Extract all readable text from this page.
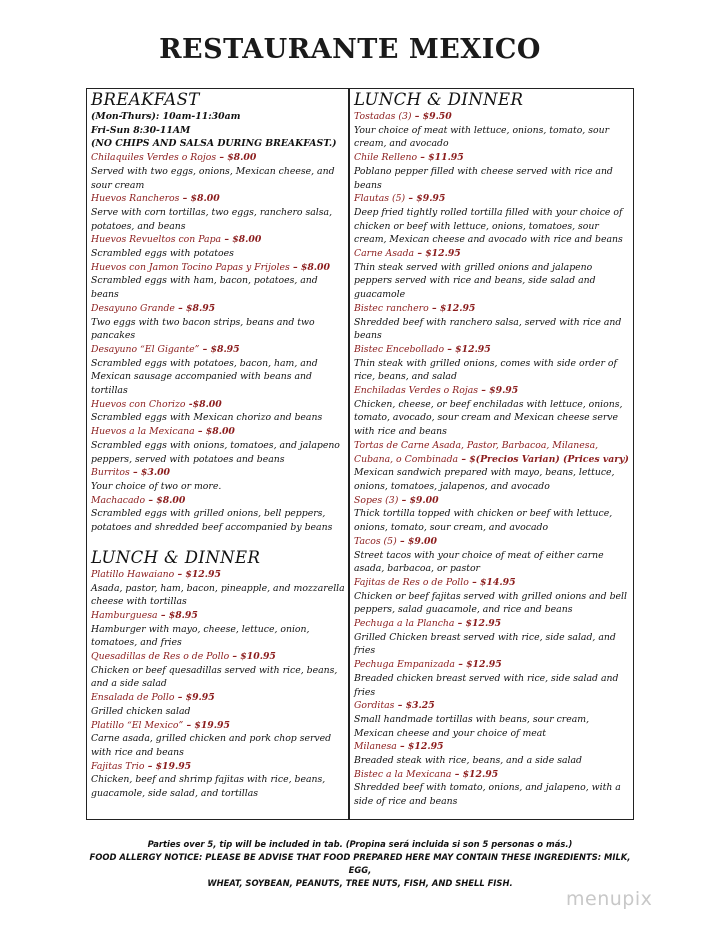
RESTAURANTE MEXICO
BREAKFAST
(Mon-Thurs): 10am-11:30am
Fri-Sun 8:30-11AM
(NO CHIPS AND SALSA DURING BREAKFAST.)
Chilaquiles Verdes o Rojos – $8.00
Served with two eggs, onions, Mexican cheese, and sour cream
Huevos Rancheros – $8.00
Serve with corn tortillas, two eggs, ranchero salsa, potatoes, and beans
Huevos Revueltos con Papa – $8.00
Scrambled eggs with potatoes
Huevos con Jamon Tocino Papas y Frijoles – $8.00
Scrambled eggs with ham, bacon, potatoes, and beans
Desayuno Grande – $8.95
Two eggs with two bacon strips, beans and two pancakes
Desayuno “El Gigante” – $8.95
Scrambled eggs with potatoes, bacon, ham, and Mexican sausage accompanied with beans and tortillas
Huevos con Chorizo -$8.00
Scrambled eggs with Mexican chorizo and beans
Huevos a la Mexicana – $8.00
Scrambled eggs with onions, tomatoes, and jalapeno peppers, served with potatoes and beans
Burritos – $3.00
Your choice of two or more.
Machacado – $8.00
Scrambled eggs with grilled onions, bell peppers, potatoes and shredded beef accompanied by beans
LUNCH & DINNER
Platillo Hawaiano – $12.95
Asada, pastor, ham, bacon, pineapple, and mozzarella cheese with tortillas
Hamburguesa – $8.95
Hamburger with mayo, cheese, lettuce, onion, tomatoes, and fries
Quesadillas de Res o de Pollo – $10.95
Chicken or beef quesadillas served with rice, beans, and a side salad
Ensalada de Pollo – $9.95
Grilled chicken salad
Platillo “El Mexico” – $19.95
Carne asada, grilled chicken and pork chop served with rice and beans
Fajitas Trio – $19.95
Chicken, beef and shrimp fajitas with rice, beans, guacamole, side salad, and tortillas
LUNCH & DINNER
Tostadas (3) – $9.50
Your choice of meat with lettuce, onions, tomato, sour cream, and avocado
Chile Relleno – $11.95
Poblano pepper filled with cheese served with rice and beans
Flautas (5) – $9.95
Deep fried tightly rolled tortilla filled with your choice of chicken or beef with lettuce, onions, tomatoes, sour cream, Mexican cheese and avocado with rice and beans
Carne Asada – $12.95
Thin steak served with grilled onions and jalapeno peppers served with rice and beans, side salad and guacamole
Bistec ranchero – $12.95
Shredded beef with ranchero salsa, served with rice and beans
Bistec Encebollado – $12.95
Thin steak with grilled onions, comes with side order of rice, beans, and salad
Enchiladas Verdes o Rojas – $9.95
Chicken, cheese, or beef enchiladas with lettuce, onions, tomato, avocado, sour cream and Mexican cheese serve with rice and beans
Tortas de Carne Asada, Pastor, Barbacoa, Milanesa, Cubana, o Combinada – $(Precios Varian) (Prices vary)
Mexican sandwich prepared with mayo, beans, lettuce, onions, tomatoes, jalapenos, and avocado
Sopes (3) – $9.00
Thick tortilla topped with chicken or beef with lettuce, onions, tomato, sour cream, and avocado
Tacos (5) – $9.00
Street tacos with your choice of meat of either carne asada, barbacoa, or pastor
Fajitas de Res o de Pollo – $14.95
Chicken or beef fajitas served with grilled onions and bell peppers, salad guacamole, and rice and beans
Pechuga a la Plancha – $12.95
Grilled Chicken breast served with rice, side salad, and fries
Pechuga Empanizada – $12.95
Breaded chicken breast served with rice, side salad and fries
Gorditas – $3.25
Small handmade tortillas with beans, sour cream, Mexican cheese and your choice of meat
Milanesa – $12.95
Breaded steak with rice, beans, and a side salad
Bistec a la Mexicana – $12.95
Shredded beef with tomato, onions, and jalapeno, with a side of rice and beans
Parties over 5, tip will be included in tab. (Propina será incluida si son 5 personas o más.)
FOOD ALLERGY NOTICE: PLEASE BE ADVISE THAT FOOD PREPARED HERE MAY CONTAIN THESE INGREDIENTS: MILK, EGG,
WHEAT, SOYBEAN, PEANUTS, TREE NUTS, FISH, AND SHELL FISH.
menupix
